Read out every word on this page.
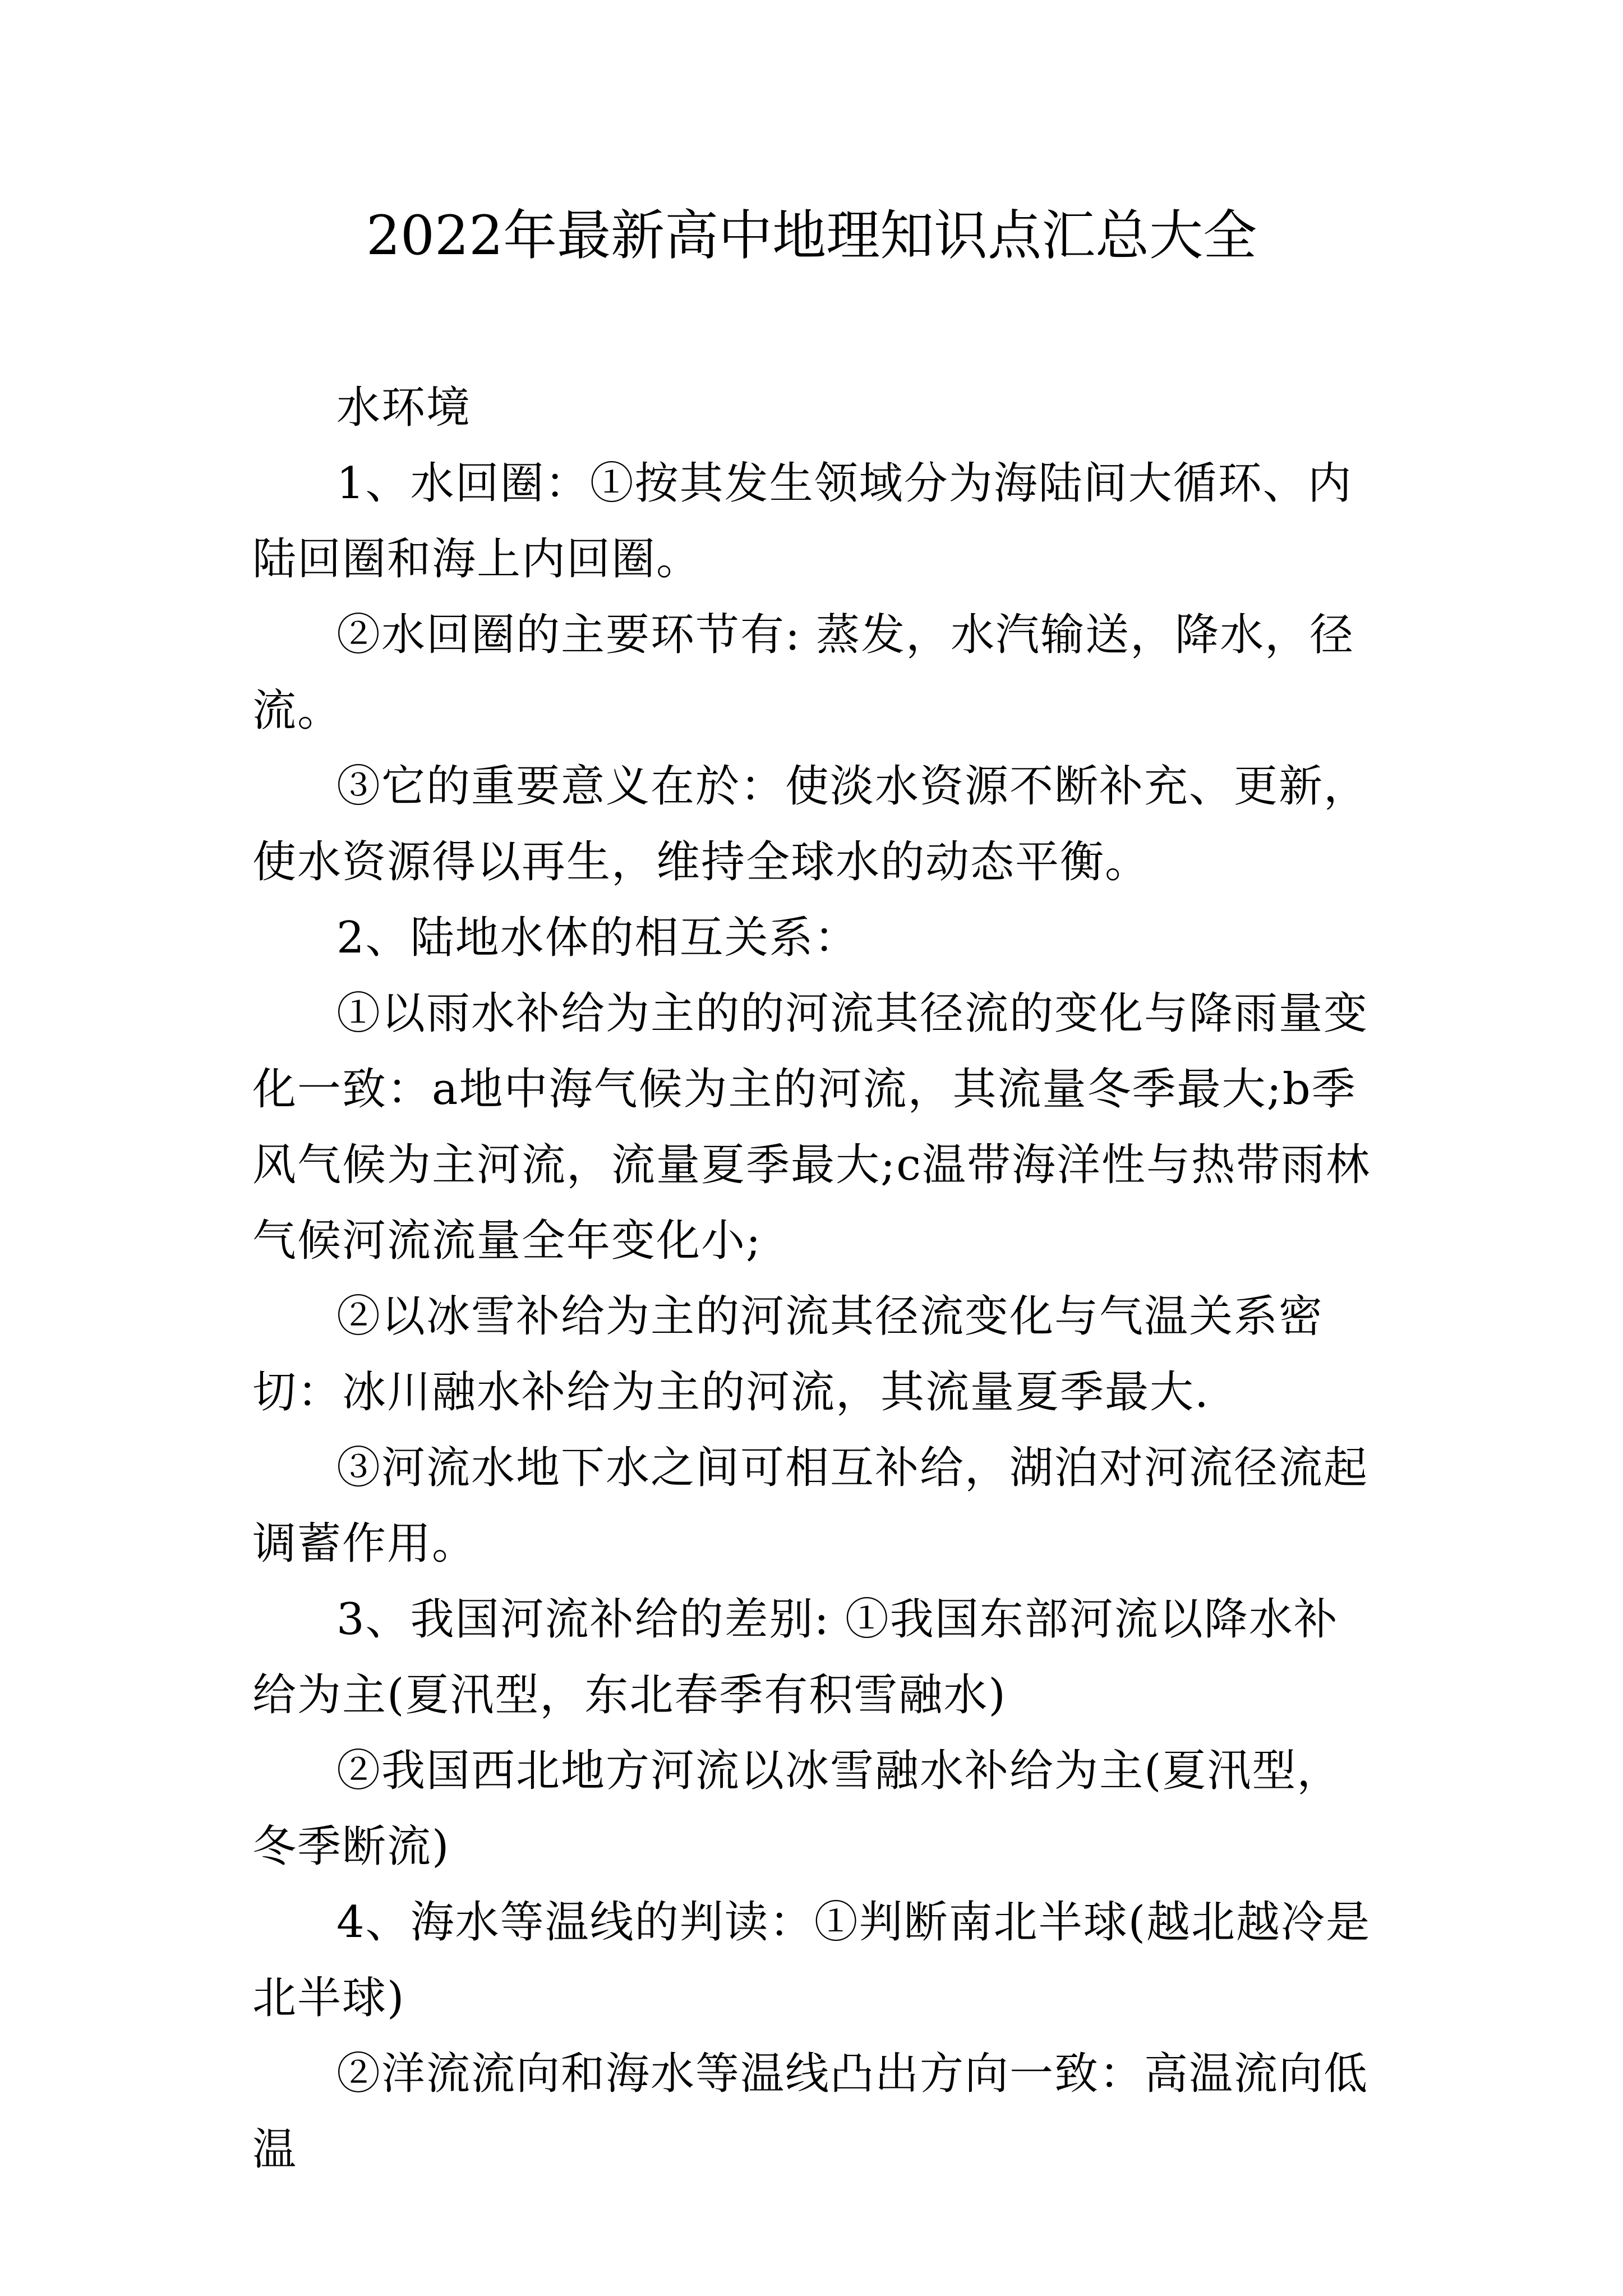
2022年最新高中地理知识点汇总大全

水环境

1、水回圈：①按其发生领域分为海陆间大循环、内陆回圈和海上内回圈。

②水回圈的主要环节有: 蒸发，水汽输送，降水，径流。

③它的重要意义在於：使淡水资源不断补充、更新，使水资源得以再生，维持全球水的动态平衡。

2、陆地水体的相互关系：

①以雨水补给为主的的河流其径流的变化与降雨量变化一致：a地中海气候为主的河流，其流量冬季最大;b季风气候为主河流，流量夏季最大;c温带海洋性与热带雨林气候河流流量全年变化小;

②以冰雪补给为主的河流其径流变化与气温关系密切：冰川融水补给为主的河流，其流量夏季最大.

③河流水地下水之间可相互补给，湖泊对河流径流起调蓄作用。

3、我国河流补给的差别: ①我国东部河流以降水补给为主(夏汛型，东北春季有积雪融水)

②我国西北地方河流以冰雪融水补给为主(夏汛型，冬季断流)

4、海水等温线的判读：①判断南北半球(越北越冷是北半球)

②洋流流向和海水等温线凸出方向一致：高温流向低温
